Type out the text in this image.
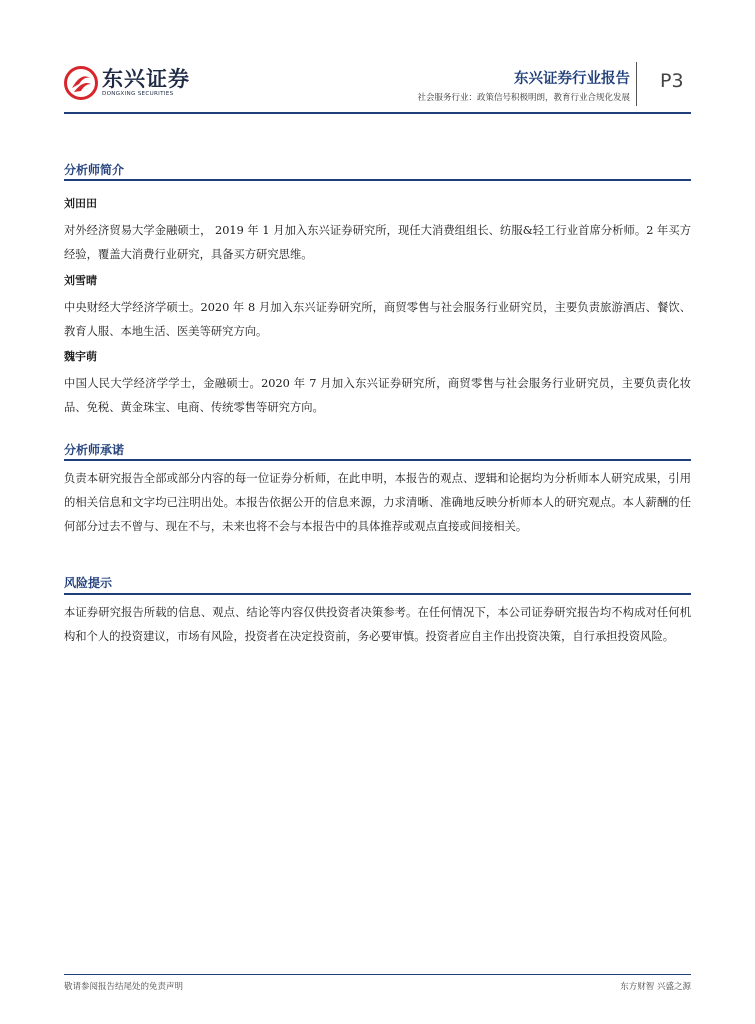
东兴证券
DONGXING SECURITIES
东兴证券行业报告
社会服务行业：政策信号积极明朗，教育行业合规化发展
P3
分析师简介
刘田田
对外经济贸易大学金融硕士， 2019 年 1 月加入东兴证券研究所，现任大消费组组长、纺服&轻工行业首席分析师。2 年买方经验，覆盖大消费行业研究，具备买方研究思维。
刘雪晴
中央财经大学经济学硕士。2020 年 8 月加入东兴证券研究所，商贸零售与社会服务行业研究员，主要负责旅游酒店、餐饮、教育人服、本地生活、医美等研究方向。
魏宇萌
中国人民大学经济学学士，金融硕士。2020 年 7 月加入东兴证券研究所，商贸零售与社会服务行业研究员，主要负责化妆品、免税、黄金珠宝、电商、传统零售等研究方向。
分析师承诺
负责本研究报告全部或部分内容的每一位证券分析师，在此申明，本报告的观点、逻辑和论据均为分析师本人研究成果，引用的相关信息和文字均已注明出处。本报告依据公开的信息来源，力求清晰、准确地反映分析师本人的研究观点。本人薪酬的任何部分过去不曾与、现在不与，未来也将不会与本报告中的具体推荐或观点直接或间接相关。
风险提示
本证券研究报告所载的信息、观点、结论等内容仅供投资者决策参考。在任何情况下，本公司证券研究报告均不构成对任何机构和个人的投资建议，市场有风险，投资者在决定投资前，务必要审慎。投资者应自主作出投资决策，自行承担投资风险。
敬请参阅报告结尾处的免责声明	东方财智 兴盛之源
